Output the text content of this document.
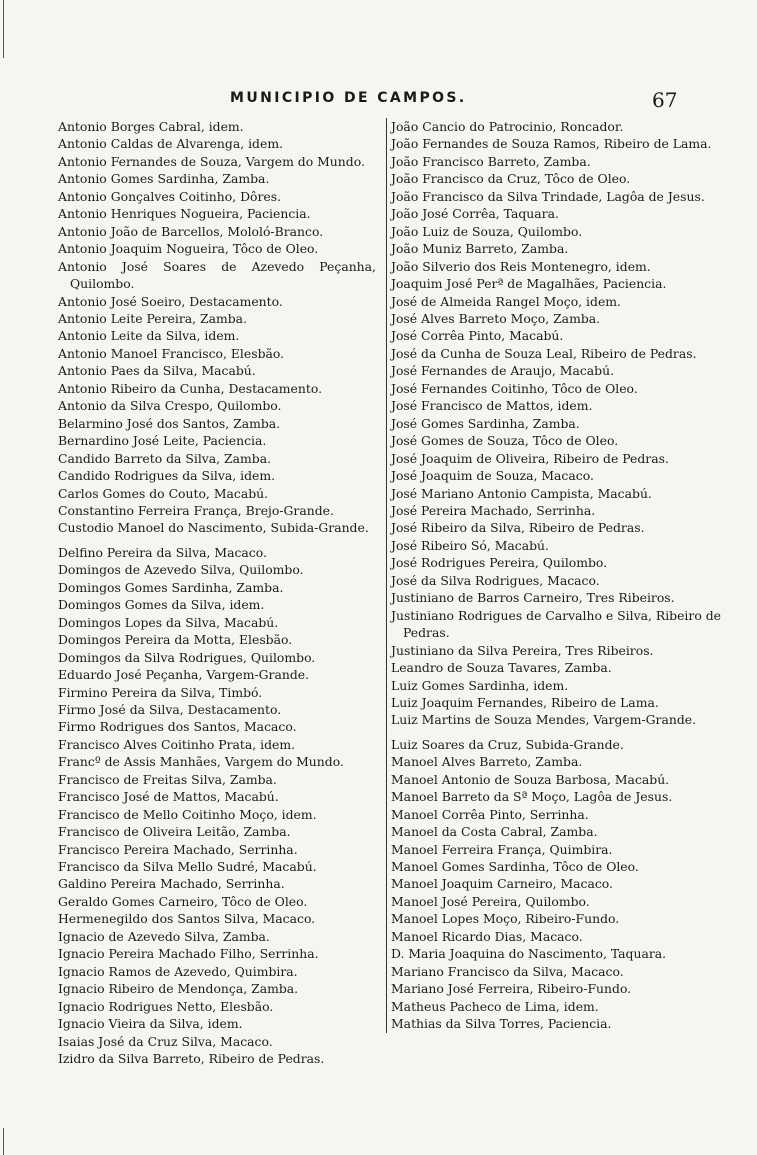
MUNICIPIO DE CAMPOS.	67

Antonio Borges Cabral, idem.

Antonio Caldas de Alvarenga, idem.

Antonio Fernandes de Souza, Vargem do Mundo.

Antonio Gomes Sardinha, Zamba.

Antonio Gonçalves Coitinho, Dôres.

Antonio Henriques Nogueira, Paciencia.

Antonio João de Barcellos, Mololó-Branco.

Antonio Joaquim Nogueira, Tôco de Oleo.

Antonio José Soares de Azevedo Peçanha, Quilombo.

Antonio José Soeiro, Destacamento.

Antonio Leite Pereira, Zamba.

Antonio Leite da Silva, idem.

Antonio Manoel Francisco, Elesbão.

Antonio Paes da Silva, Macabú.

Antonio Ribeiro da Cunha, Destacamento.

Antonio da Silva Crespo, Quilombo.

Belarmino José dos Santos, Zamba.

Bernardino José Leite, Paciencia.

Candido Barreto da Silva, Zamba.

Candido Rodrigues da Silva, idem.

Carlos Gomes do Couto, Macabú.

Constantino Ferreira França, Brejo-Grande.

Custodio Manoel do Nascimento, Subida-Grande.

Delfino Pereira da Silva, Macaco.

Domingos de Azevedo Silva, Quilombo.

Domingos Gomes Sardinha, Zamba.

Domingos Gomes da Silva, idem.

Domingos Lopes da Silva, Macabú.

Domingos Pereira da Motta, Elesbão.

Domingos da Silva Rodrigues, Quilombo.

Eduardo José Peçanha, Vargem-Grande.

Firmino Pereira da Silva, Timbó.

Firmo José da Silva, Destacamento.

Firmo Rodrigues dos Santos, Macaco.

Francisco Alves Coitinho Prata, idem.

Francº de Assis Manhães, Vargem do Mundo.

Francisco de Freitas Silva, Zamba.

Francisco José de Mattos, Macabú.

Francisco de Mello Coitinho Moço, idem.

Francisco de Oliveira Leitão, Zamba.

Francisco Pereira Machado, Serrinha.

Francisco da Silva Mello Sudré, Macabú.

Galdino Pereira Machado, Serrinha.

Geraldo Gomes Carneiro, Tôco de Oleo.

Hermenegildo dos Santos Silva, Macaco.

Ignacio de Azevedo Silva, Zamba.

Ignacio Pereira Machado Filho, Serrinha.

Ignacio Ramos de Azevedo, Quimbira.

Ignacio Ribeiro de Mendonça, Zamba.

Ignacio Rodrigues Netto, Elesbão.

Ignacio Vieira da Silva, idem.

Isaias José da Cruz Silva, Macaco.

Izidro da Silva Barreto, Ribeiro de Pedras.

João Cancio do Patrocinio, Roncador.

João Fernandes de Souza Ramos, Ribeiro de Lama.

João Francisco Barreto, Zamba.

João Francisco da Cruz, Tôco de Oleo.

João Francisco da Silva Trindade, Lagôa de Jesus.

João José Corrêa, Taquara.

João Luiz de Souza, Quilombo.

João Muniz Barreto, Zamba.

João Silverio dos Reis Montenegro, idem.

Joaquim José Perª de Magalhães, Paciencia.

José de Almeida Rangel Moço, idem.

José Alves Barreto Moço, Zamba.

José Corrêa Pinto, Macabú.

José da Cunha de Souza Leal, Ribeiro de Pedras.

José Fernandes de Araujo, Macabú.

José Fernandes Coitinho, Tôco de Oleo.

José Francisco de Mattos, idem.

José Gomes Sardinha, Zamba.

José Gomes de Souza, Tôco de Oleo.

José Joaquim de Oliveira, Ribeiro de Pedras.

José Joaquim de Souza, Macaco.

José Mariano Antonio Campista, Macabú.

José Pereira Machado, Serrinha.

José Ribeiro da Silva, Ribeiro de Pedras.

José Ribeiro Só, Macabú.

José Rodrigues Pereira, Quilombo.

José da Silva Rodrigues, Macaco.

Justiniano de Barros Carneiro, Tres Ribeiros.

Justiniano Rodrigues de Carvalho e Silva, Ribeiro de Pedras.

Justiniano da Silva Pereira, Tres Ribeiros.

Leandro de Souza Tavares, Zamba.

Luiz Gomes Sardinha, idem.

Luiz Joaquim Fernandes, Ribeiro de Lama.

Luiz Martins de Souza Mendes, Vargem-Grande.

Luiz Soares da Cruz, Subida-Grande.

Manoel Alves Barreto, Zamba.

Manoel Antonio de Souza Barbosa, Macabú.

Manoel Barreto da Sª Moço, Lagôa de Jesus.

Manoel Corrêa Pinto, Serrinha.

Manoel da Costa Cabral, Zamba.

Manoel Ferreira França, Quimbira.

Manoel Gomes Sardinha, Tôco de Oleo.

Manoel Joaquim Carneiro, Macaco.

Manoel José Pereira, Quilombo.

Manoel Lopes Moço, Ribeiro-Fundo.

Manoel Ricardo Dias, Macaco.

D. Maria Joaquina do Nascimento, Taquara.

Mariano Francisco da Silva, Macaco.

Mariano José Ferreira, Ribeiro-Fundo.

Matheus Pacheco de Lima, idem.

Mathias da Silva Torres, Paciencia.
